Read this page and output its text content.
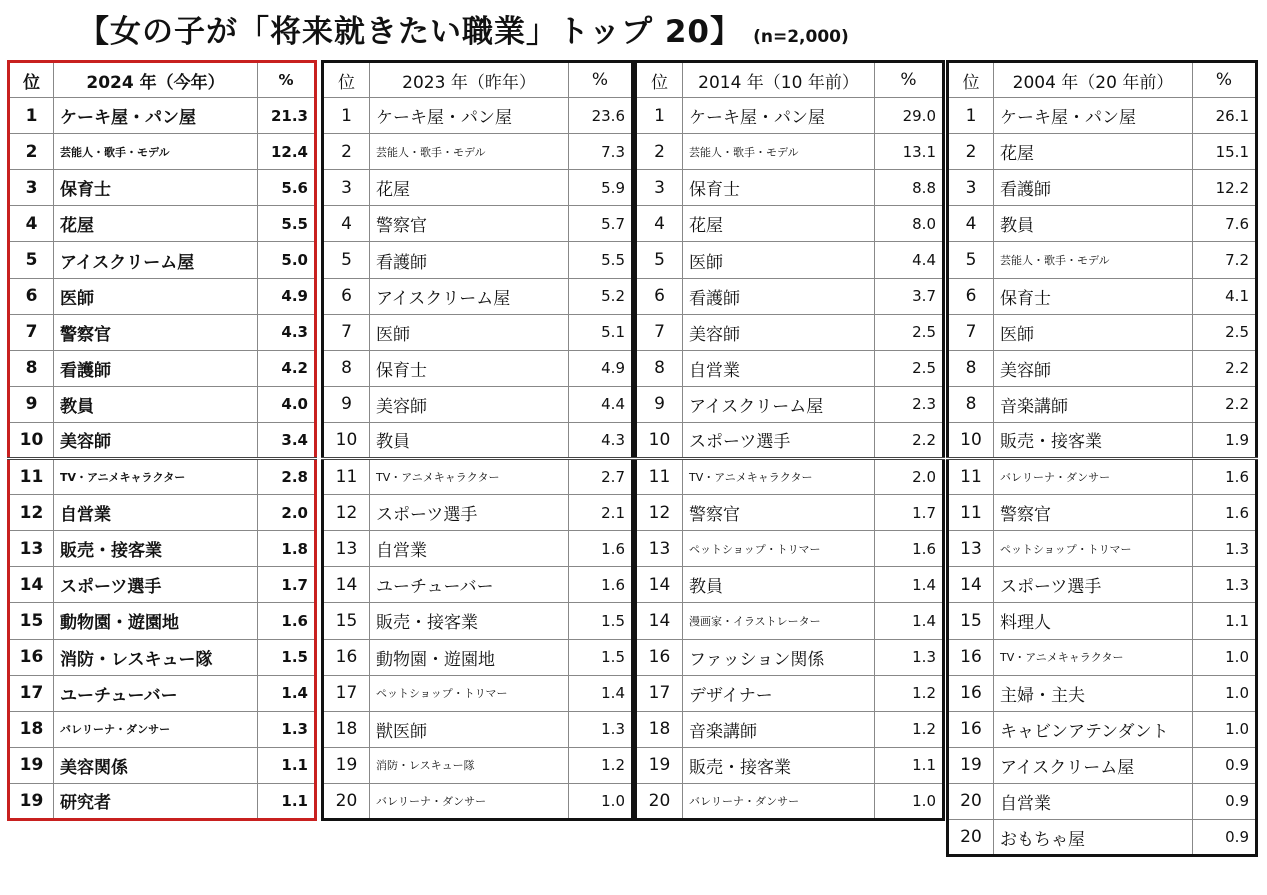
【女の子が「将来就きたい職業」トップ 20】 (n=2,000)
位	2024 年（今年）	%
1	ケーキ屋・パン屋	21.3
2	芸能人・歌手・モデル	12.4
3	保育士	5.6
4	花屋	5.5
5	アイスクリーム屋	5.0
6	医師	4.9
7	警察官	4.3
8	看護師	4.2
9	教員	4.0
10	美容師	3.4
11	TV・アニメキャラクター	2.8
12	自営業	2.0
13	販売・接客業	1.8
14	スポーツ選手	1.7
15	動物園・遊園地	1.6
16	消防・レスキュー隊	1.5
17	ユーチューバー	1.4
18	バレリーナ・ダンサー	1.3
19	美容関係	1.1
19	研究者	1.1
位	2023 年（昨年）	%
1	ケーキ屋・パン屋	23.6
2	芸能人・歌手・モデル	7.3
3	花屋	5.9
4	警察官	5.7
5	看護師	5.5
6	アイスクリーム屋	5.2
7	医師	5.1
8	保育士	4.9
9	美容師	4.4
10	教員	4.3
11	TV・アニメキャラクター	2.7
12	スポーツ選手	2.1
13	自営業	1.6
14	ユーチューバー	1.6
15	販売・接客業	1.5
16	動物園・遊園地	1.5
17	ペットショップ・トリマー	1.4
18	獣医師	1.3
19	消防・レスキュー隊	1.2
20	バレリーナ・ダンサー	1.0
位	2014 年（10 年前）	%
1	ケーキ屋・パン屋	29.0
2	芸能人・歌手・モデル	13.1
3	保育士	8.8
4	花屋	8.0
5	医師	4.4
6	看護師	3.7
7	美容師	2.5
8	自営業	2.5
9	アイスクリーム屋	2.3
10	スポーツ選手	2.2
11	TV・アニメキャラクター	2.0
12	警察官	1.7
13	ペットショップ・トリマー	1.6
14	教員	1.4
14	漫画家・イラストレーター	1.4
16	ファッション関係	1.3
17	デザイナー	1.2
18	音楽講師	1.2
19	販売・接客業	1.1
20	バレリーナ・ダンサー	1.0
位	2004 年（20 年前）	%
1	ケーキ屋・パン屋	26.1
2	花屋	15.1
3	看護師	12.2
4	教員	7.6
5	芸能人・歌手・モデル	7.2
6	保育士	4.1
7	医師	2.5
8	美容師	2.2
8	音楽講師	2.2
10	販売・接客業	1.9
11	バレリーナ・ダンサー	1.6
11	警察官	1.6
13	ペットショップ・トリマー	1.3
14	スポーツ選手	1.3
15	料理人	1.1
16	TV・アニメキャラクター	1.0
16	主婦・主夫	1.0
16	キャビンアテンダント	1.0
19	アイスクリーム屋	0.9
20	自営業	0.9
20	おもちゃ屋	0.9
